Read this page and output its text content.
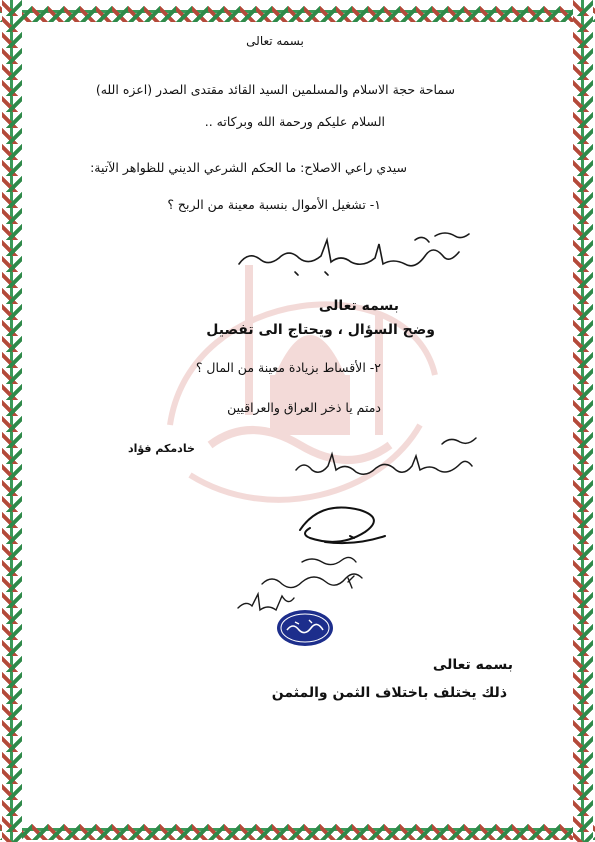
بسمه تعالى
سماحة حجة الاسلام والمسلمين السيد القائد مقتدى الصدر (اعزه الله)
السلام عليكم ورحمة الله وبركاته ..
سيدي راعي الاصلاح: ما الحكم الشرعي الديني للظواهر الآتية:
١- تشغيل الأموال بنسبة معينة من الربح ؟
بسمه تعالى
وضح السؤال ، ويحتاج الى تفصيل
٢- الأقساط بزيادة معينة من المال ؟
دمتم يا ذخر العراق والعراقيين
خادمكم فؤاد
بسمه تعالى
ذلك يختلف باختلاف الثمن والمثمن
